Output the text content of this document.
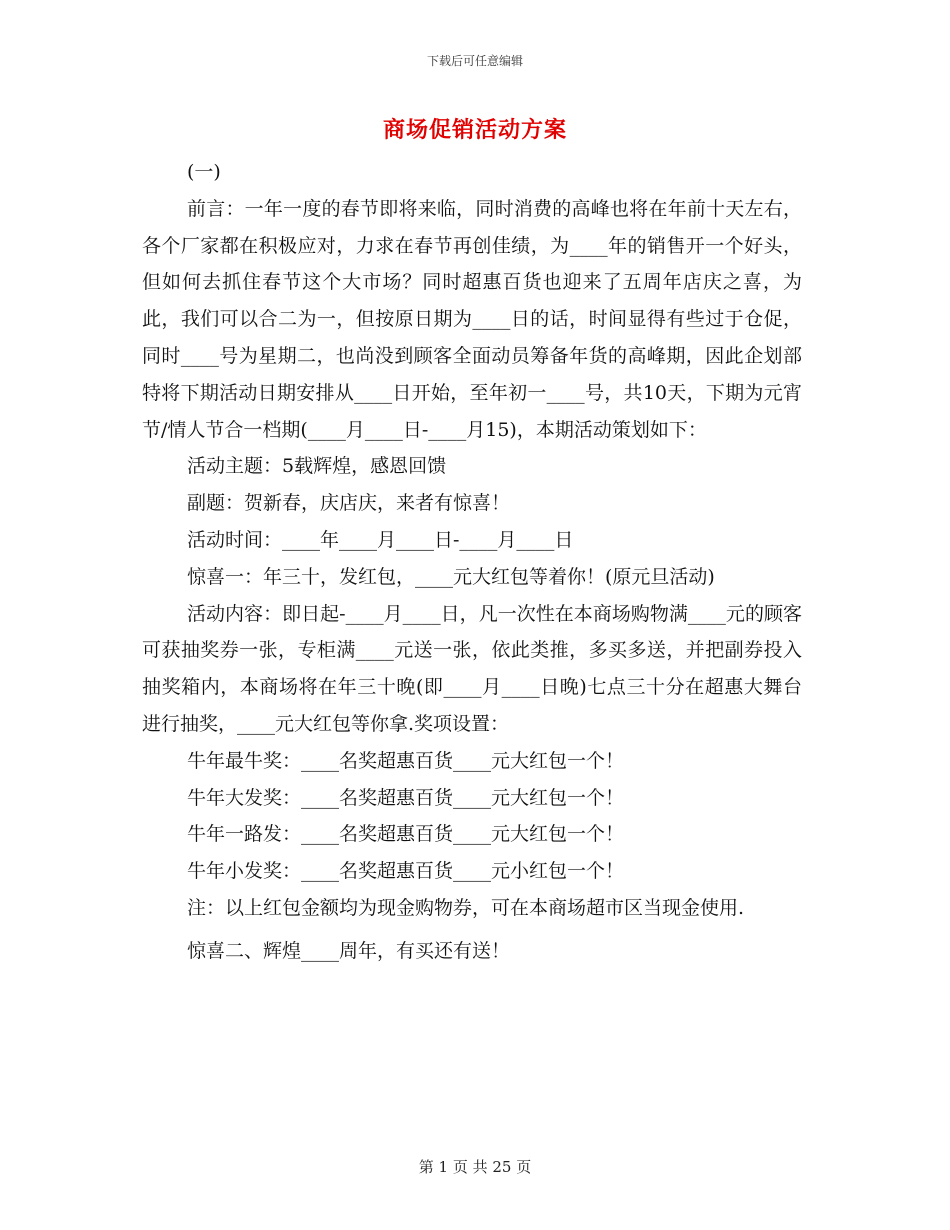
下载后可任意编辑
商场促销活动方案

(一)

前言：一年一度的春节即将来临，同时消费的高峰也将在年前十天左右，各个厂家都在积极应对，力求在春节再创佳绩，为____年的销售开一个好头，但如何去抓住春节这个大市场？同时超惠百货也迎来了五周年店庆之喜，为此，我们可以合二为一，但按原日期为____日的话，时间显得有些过于仓促，同时____号为星期二，也尚没到顾客全面动员筹备年货的高峰期，因此企划部特将下期活动日期安排从____日开始，至年初一____号，共10天，下期为元宵节/情人节合一档期(____月____日-____月15)，本期活动策划如下：

活动主题：5载辉煌，感恩回馈

副题：贺新春，庆店庆，来者有惊喜！

活动时间：____年____月____日-____月____日

惊喜一：年三十，发红包，____元大红包等着你！(原元旦活动)

活动内容：即日起-____月____日，凡一次性在本商场购物满____元的顾客可获抽奖券一张，专柜满____元送一张，依此类推，多买多送，并把副券投入抽奖箱内，本商场将在年三十晚(即____月____日晚)七点三十分在超惠大舞台进行抽奖，____元大红包等你拿.奖项设置：

牛年最牛奖：____名奖超惠百货____元大红包一个！

牛年大发奖：____名奖超惠百货____元大红包一个！

牛年一路发：____名奖超惠百货____元大红包一个！

牛年小发奖：____名奖超惠百货____元小红包一个！

注：以上红包金额均为现金购物券，可在本商场超市区当现金使用.

惊喜二、辉煌____周年，有买还有送！

第 1 页 共 25 页
